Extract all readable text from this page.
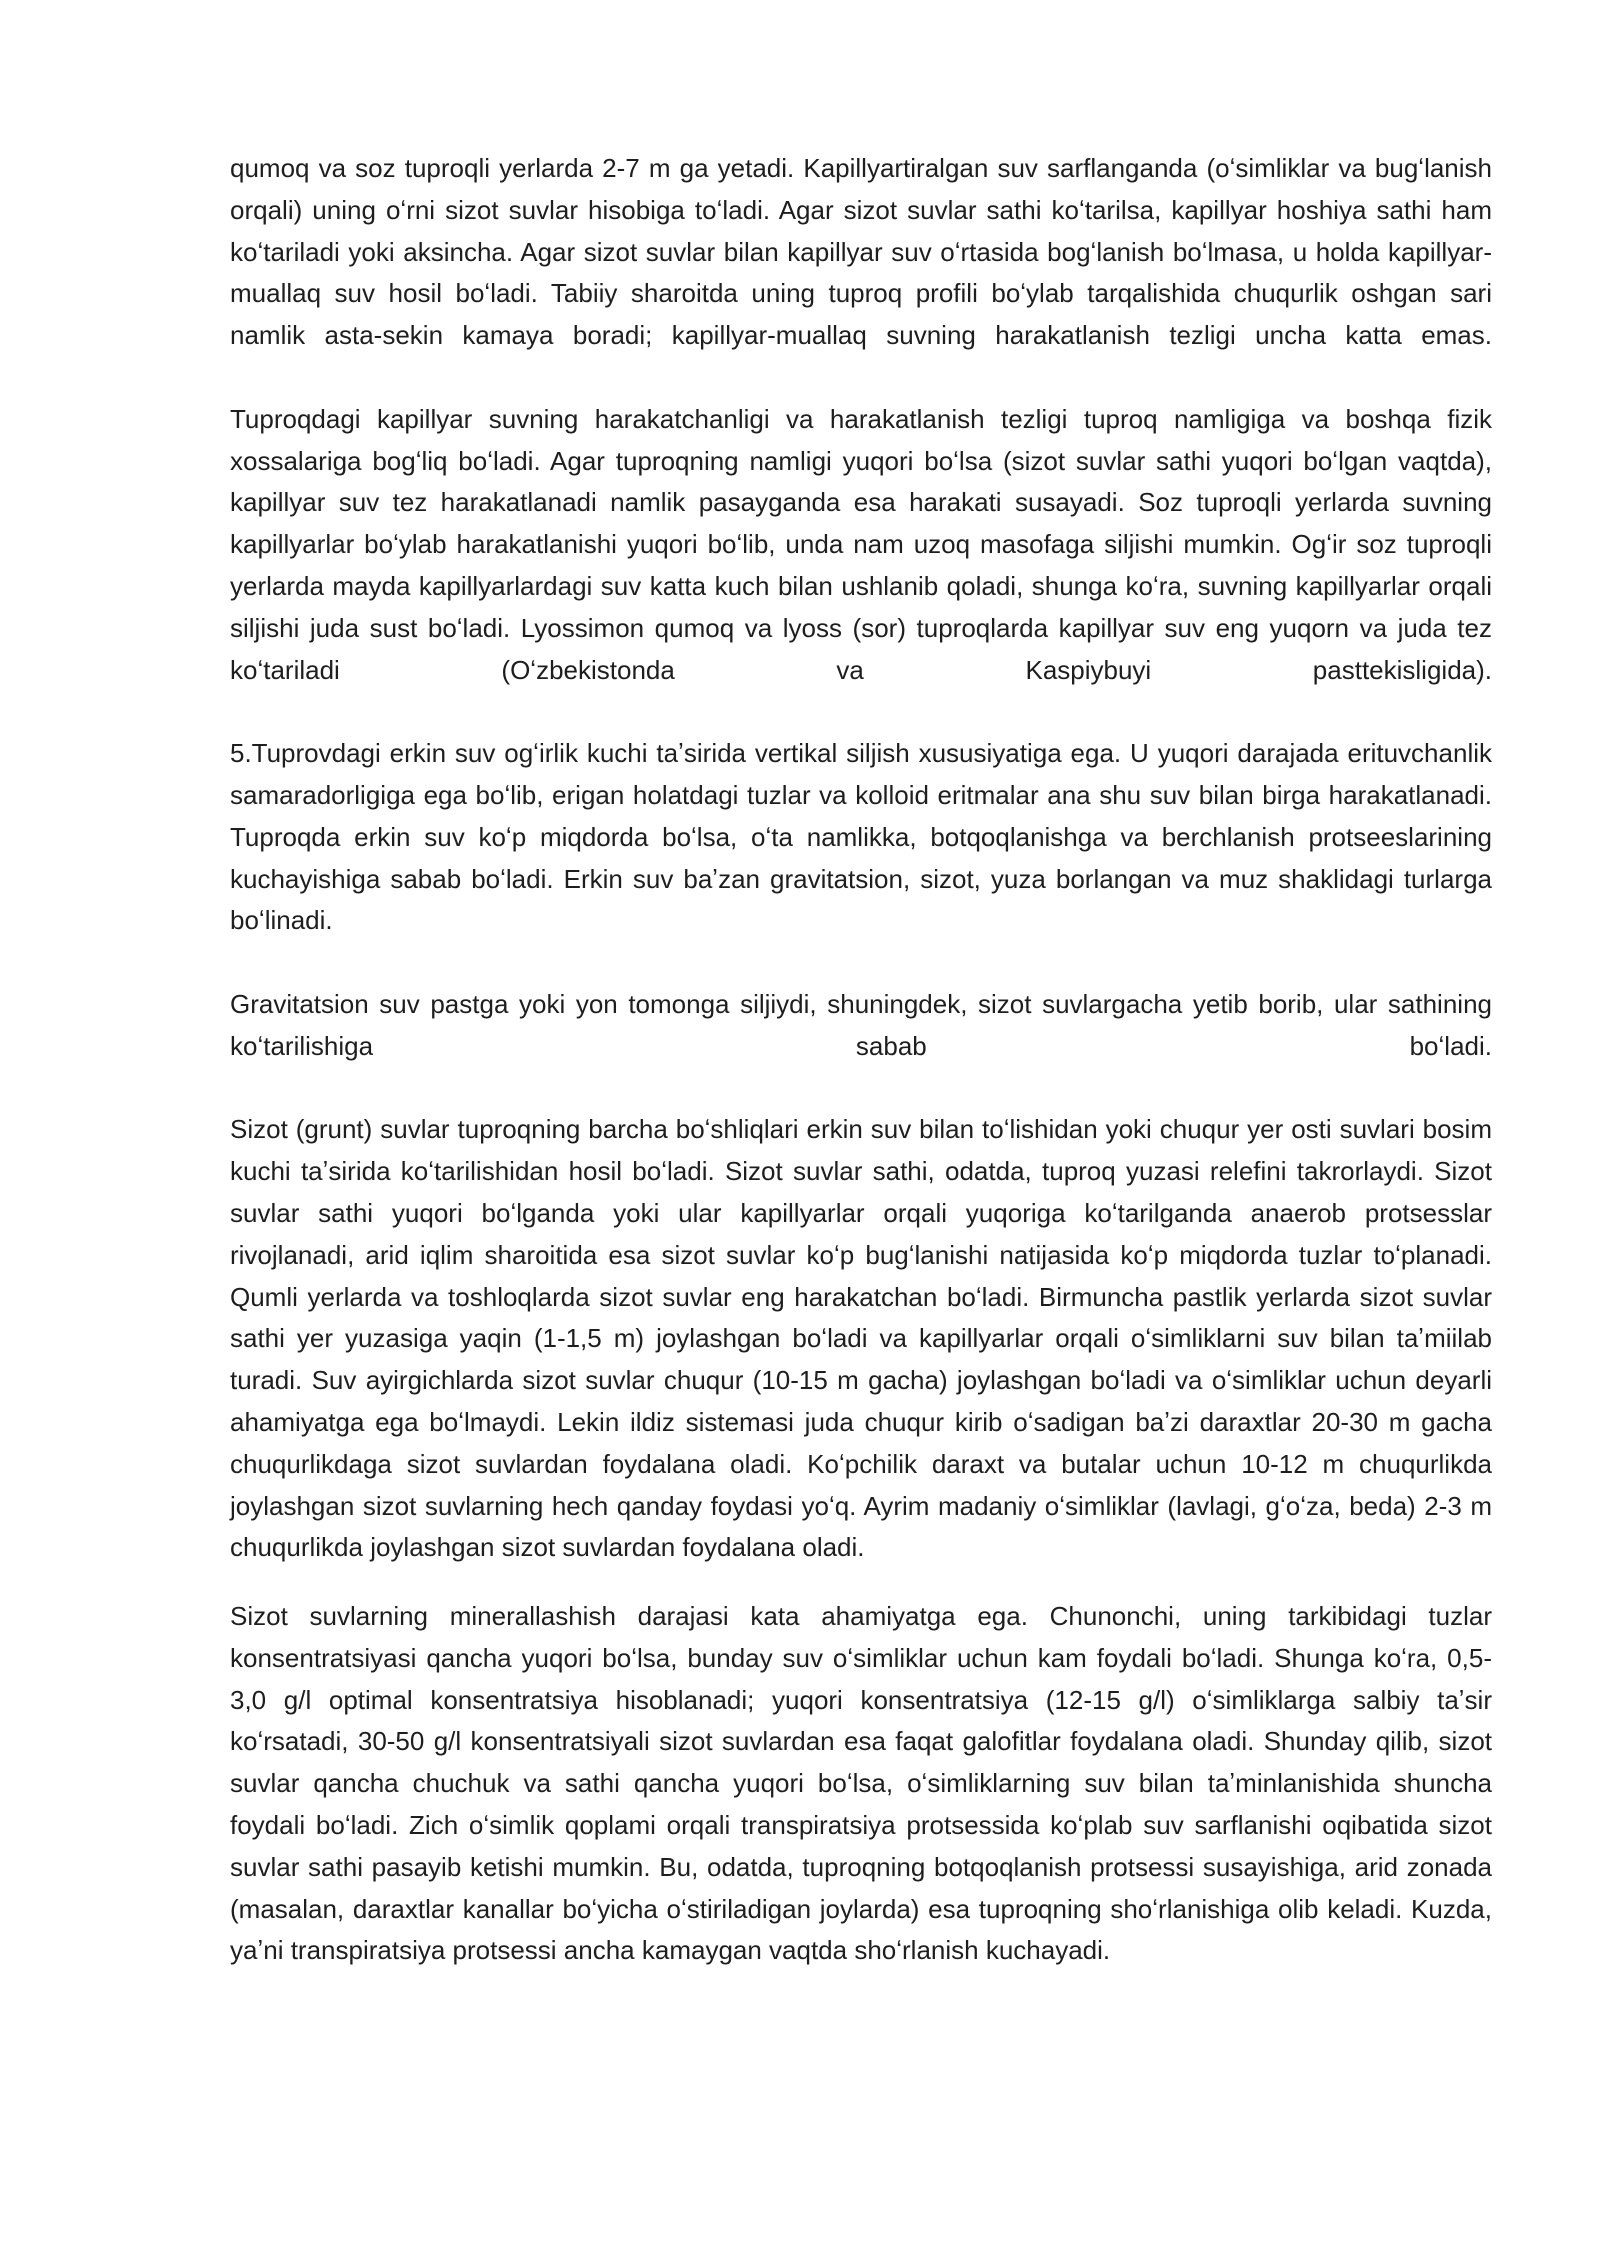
qumoq va soz tuproqli yerlarda 2-7 m ga yetadi. Kapillyartiralgan suv sarflanganda (oʻsimliklar va bugʻlanish orqali) uning oʻrni sizot suvlar hisobiga toʻladi. Agar sizot suvlar sathi koʻtarilsa, kapillyar hoshiya sathi ham koʻtariladi yoki aksincha. Agar sizot suvlar bilan kapillyar suv oʻrtasida bogʻlanish boʻlmasa, u holda kapillyar-muallaq suv hosil boʻladi. Tabiiy sharoitda uning tuproq profili boʻylab tarqalishida chuqurlik oshgan sari namlik asta-sekin kamaya boradi; kapillyar-muallaq suvning harakatlanish tezligi uncha katta emas.

Tuproqdagi kapillyar suvning harakatchanligi va harakatlanish tezligi tuproq namligiga va boshqa fizik xossalariga bogʻliq boʻladi. Agar tuproqning namligi yuqori boʻlsa (sizot suvlar sathi yuqori boʻlgan vaqtda), kapillyar suv tez harakatlanadi namlik pasayganda esa harakati susayadi. Soz tuproqli yerlarda suvning kapillyarlar boʻylab harakatlanishi yuqori boʻlib, unda nam uzoq masofaga siljishi mumkin. Ogʻir soz tuproqli yerlarda mayda kapillyarlardagi suv katta kuch bilan ushlanib qoladi, shunga koʻra, suvning kapillyarlar orqali siljishi juda sust boʻladi. Lyossimon qumoq va lyoss (sor) tuproqlarda kapillyar suv eng yuqorn va juda tez koʻtariladi (Oʻzbekistonda va Kaspiybuyi pasttekisligida).

5.Tuprovdagi erkin suv ogʻirlik kuchi taʼsirida vertikal siljish xususiyatiga ega. U yuqori darajada erituvchanlik samaradorligiga ega boʻlib, erigan holatdagi tuzlar va kolloid eritmalar ana shu suv bilan birga harakatlanadi. Tuproqda erkin suv koʻp miqdorda boʻlsa, oʻta namlikka, botqoqlanishga va berchlanish protseeslarining kuchayishiga sabab boʻladi. Erkin suv baʼzan gravitatsion, sizot, yuza borlangan va muz shaklidagi turlarga boʻlinadi.

Gravitatsion suv pastga yoki yon tomonga siljiydi, shuningdek, sizot suvlargacha yetib borib, ular sathining koʻtarilishiga sabab boʻladi.

Sizot (grunt) suvlar tuproqning barcha boʻshliqlari erkin suv bilan toʻlishidan yoki chuqur yer osti suvlari bosim kuchi taʼsirida koʻtarilishidan hosil boʻladi. Sizot suvlar sathi, odatda, tuproq yuzasi relefini takrorlaydi. Sizot suvlar sathi yuqori boʻlganda yoki ular kapillyarlar orqali yuqoriga koʻtarilganda anaerob protsesslar rivojlanadi, arid iqlim sharoitida esa sizot suvlar koʻp bugʻlanishi natijasida koʻp miqdorda tuzlar toʻplanadi. Qumli yerlarda va toshloqlarda sizot suvlar eng harakatchan boʻladi. Birmuncha pastlik yerlarda sizot suvlar sathi yer yuzasiga yaqin (1-1,5 m) joylashgan boʻladi va kapillyarlar orqali oʻsimliklarni suv bilan taʼmiilab turadi. Suv ayirgichlarda sizot suvlar chuqur (10-15 m gacha) joylashgan boʻladi va oʻsimliklar uchun deyarli ahamiyatga ega boʻlmaydi. Lekin ildiz sistemasi juda chuqur kirib oʻsadigan baʼzi daraxtlar 20-30 m gacha chuqurlikdaga sizot suvlardan foydalana oladi. Koʻpchilik daraxt va butalar uchun 10-12 m chuqurlikda joylashgan sizot suvlarning hech qanday foydasi yoʻq. Ayrim madaniy oʻsimliklar (lavlagi, gʻoʻza, beda) 2-3 m chuqurlikda joylashgan sizot suvlardan foydalana oladi.

Sizot suvlarning minerallashish darajasi kata ahamiyatga ega. Chunonchi, uning tarkibidagi tuzlar konsentratsiyasi qancha yuqori boʻlsa, bunday suv oʻsimliklar uchun kam foydali boʻladi. Shunga koʻra, 0,5-3,0 g/l optimal konsentratsiya hisoblanadi; yuqori konsentratsiya (12-15 g/l) oʻsimliklarga salbiy taʼsir koʻrsatadi, 30-50 g/l konsentratsiyali sizot suvlardan esa faqat galofitlar foydalana oladi. Shunday qilib, sizot suvlar qancha chuchuk va sathi qancha yuqori boʻlsa, oʻsimliklarning suv bilan taʼminlanishida shuncha foydali boʻladi. Zich oʻsimlik qoplami orqali transpiratsiya protsessida koʻplab suv sarflanishi oqibatida sizot suvlar sathi pasayib ketishi mumkin. Bu, odatda, tuproqning botqoqlanish protsessi susayishiga, arid zonada (masalan, daraxtlar kanallar boʻyicha oʻstiriladigan joylarda) esa tuproqning shoʻrlanishiga olib keladi. Kuzda, yaʼni transpiratsiya protsessi ancha kamaygan vaqtda shoʻrlanish kuchayadi.
